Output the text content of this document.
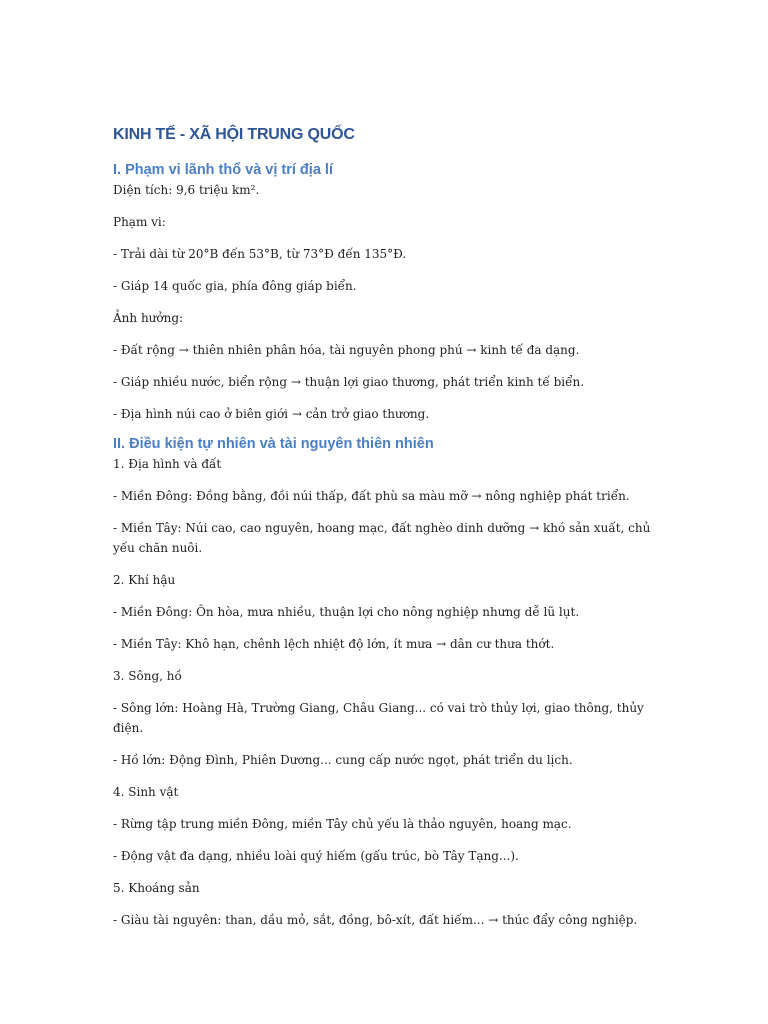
KINH TẾ - XÃ HỘI TRUNG QUỐC
I. Phạm vi lãnh thổ và vị trí địa lí

Diện tích: 9,6 triệu km².

Phạm vi:

- Trải dài từ 20°B đến 53°B, từ 73°Đ đến 135°Đ.

- Giáp 14 quốc gia, phía đông giáp biển.

Ảnh hưởng:

- Đất rộng → thiên nhiên phân hóa, tài nguyên phong phú → kinh tế đa dạng.

- Giáp nhiều nước, biển rộng → thuận lợi giao thương, phát triển kinh tế biển.

- Địa hình núi cao ở biên giới → cản trở giao thương.

II. Điều kiện tự nhiên và tài nguyên thiên nhiên

1. Địa hình và đất

- Miền Đông: Đồng bằng, đồi núi thấp, đất phù sa màu mỡ → nông nghiệp phát triển.

- Miền Tây: Núi cao, cao nguyên, hoang mạc, đất nghèo dinh dưỡng → khó sản xuất, chủ yếu chăn nuôi.

2. Khí hậu

- Miền Đông: Ôn hòa, mưa nhiều, thuận lợi cho nông nghiệp nhưng dễ lũ lụt.

- Miền Tây: Khô hạn, chênh lệch nhiệt độ lớn, ít mưa → dân cư thưa thớt.

3. Sông, hồ

- Sông lớn: Hoàng Hà, Trường Giang, Châu Giang... có vai trò thủy lợi, giao thông, thủy điện.

- Hồ lớn: Động Đình, Phiên Dương... cung cấp nước ngọt, phát triển du lịch.

4. Sinh vật

- Rừng tập trung miền Đông, miền Tây chủ yếu là thảo nguyên, hoang mạc.

- Động vật đa dạng, nhiều loài quý hiếm (gấu trúc, bò Tây Tạng...).

5. Khoáng sản

- Giàu tài nguyên: than, dầu mỏ, sắt, đồng, bô-xít, đất hiếm... → thúc đẩy công nghiệp.
